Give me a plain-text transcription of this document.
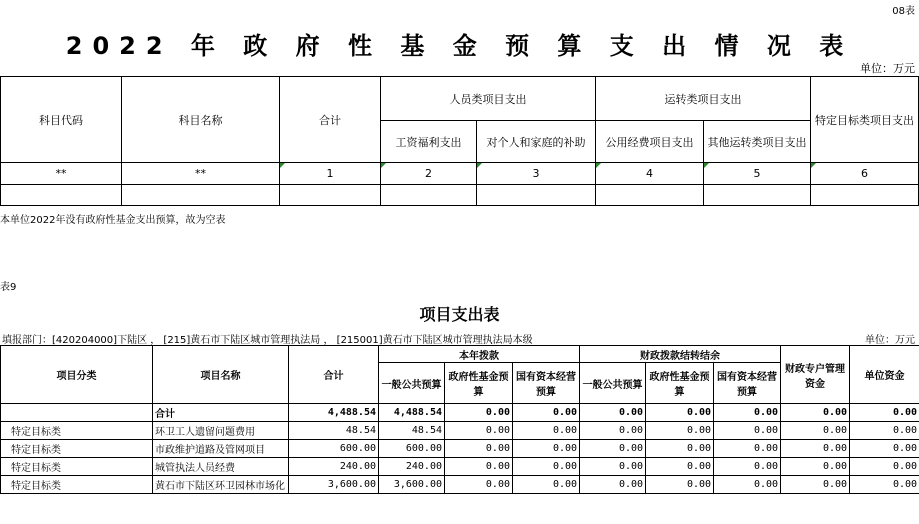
08表
2022 年 政 府 性 基 金 预 算 支 出 情 况 表
单位：万元
科目代码	科目名称	合计	人员类项目支出		运转类项目支出		特定目标类项目支出
			工资福利支出	对个人和家庭的补助	公用经费项目支出	其他运转类项目支出	
**	**	1	2	3	4	5	6

本单位2022年没有政府性基金支出预算，故为空表
表9
项目支出表
填报部门：[420204000]下陆区 ， [215]黄石市下陆区城市管理执法局 ， [215001]黄石市下陆区城市管理执法局本级	单位：万元
项目分类	项目名称	合计	本年拨款			财政拨款结转结余			财政专户管理资金	单位资金
			一般公共预算	政府性基金预算	国有资本经营预算	一般公共预算	政府性基金预算	国有资本经营预算		
	合计	4,488.54	4,488.54	0.00	0.00	0.00	0.00	0.00	0.00	0.00
特定目标类	环卫工人遗留问题费用	48.54	48.54	0.00	0.00	0.00	0.00	0.00	0.00	0.00
特定目标类	市政维护道路及管网项目	600.00	600.00	0.00	0.00	0.00	0.00	0.00	0.00	0.00
特定目标类	城管执法人员经费	240.00	240.00	0.00	0.00	0.00	0.00	0.00	0.00	0.00
特定目标类	黄石市下陆区环卫园林市场化	3,600.00	3,600.00	0.00	0.00	0.00	0.00	0.00	0.00	0.00
